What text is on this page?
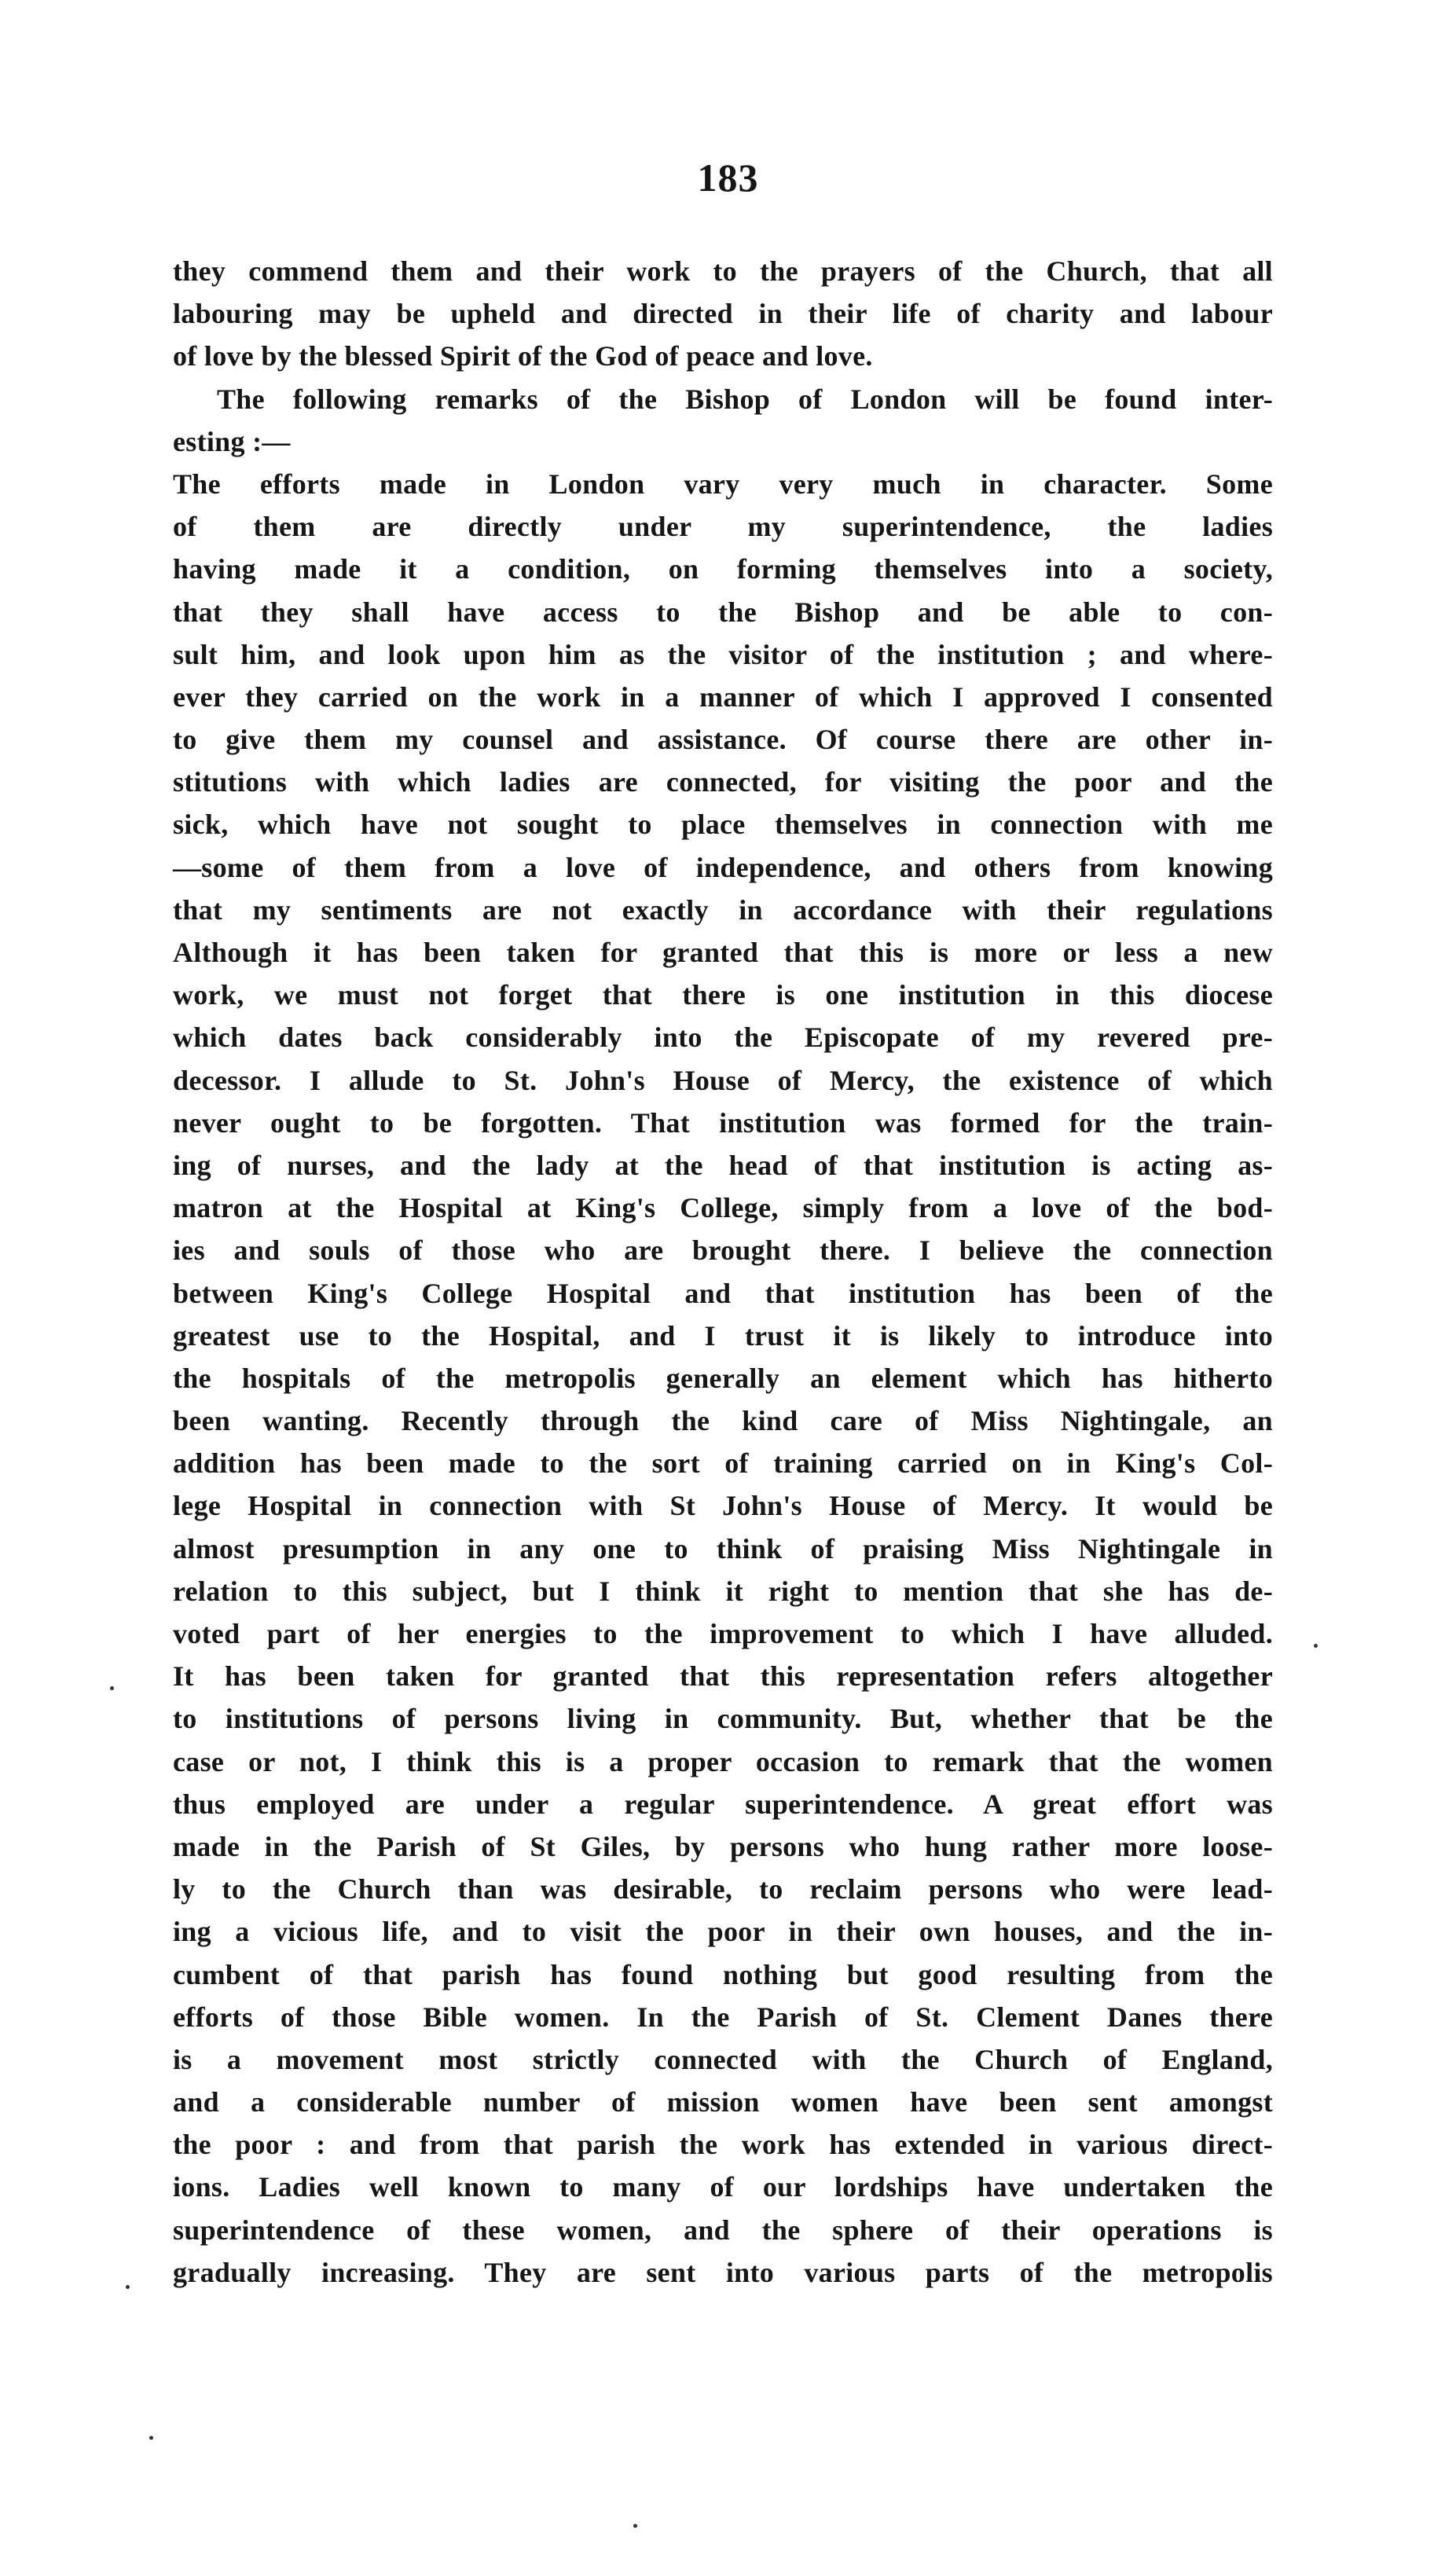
183
they commend them and their work to the prayers of the Church, that all
labouring may be upheld and directed in their life of charity and labour
of love by the blessed Spirit of the God of peace and love.
The following remarks of the Bishop of London will be found inter-
esting :—
The efforts made in London vary very much in character. Some
of them are directly under my superintendence, the ladies
having made it a condition, on forming themselves into a society,
that they shall have access to the Bishop and be able to con-
sult him, and look upon him as the visitor of the institution ; and where-
ever they carried on the work in a manner of which I approved I consented
to give them my counsel and assistance. Of course there are other in-
stitutions with which ladies are connected, for visiting the poor and the
sick, which have not sought to place themselves in connection with me
—some of them from a love of independence, and others from knowing
that my sentiments are not exactly in accordance with their regulations
Although it has been taken for granted that this is more or less a new
work, we must not forget that there is one institution in this diocese
which dates back considerably into the Episcopate of my revered pre-
decessor. I allude to St. John's House of Mercy, the existence of which
never ought to be forgotten. That institution was formed for the train-
ing of nurses, and the lady at the head of that institution is acting as-
matron at the Hospital at King's College, simply from a love of the bod-
ies and souls of those who are brought there. I believe the connection
between King's College Hospital and that institution has been of the
greatest use to the Hospital, and I trust it is likely to introduce into
the hospitals of the metropolis generally an element which has hitherto
been wanting. Recently through the kind care of Miss Nightingale, an
addition has been made to the sort of training carried on in King's Col-
lege Hospital in connection with St John's House of Mercy. It would be
almost presumption in any one to think of praising Miss Nightingale in
relation to this subject, but I think it right to mention that she has de-
voted part of her energies to the improvement to which I have alluded.
It has been taken for granted that this representation refers altogether
to institutions of persons living in community. But, whether that be the
case or not, I think this is a proper occasion to remark that the women
thus employed are under a regular superintendence. A great effort was
made in the Parish of St Giles, by persons who hung rather more loose-
ly to the Church than was desirable, to reclaim persons who were lead-
ing a vicious life, and to visit the poor in their own houses, and the in-
cumbent of that parish has found nothing but good resulting from the
efforts of those Bible women. In the Parish of St. Clement Danes there
is a movement most strictly connected with the Church of England,
and a considerable number of mission women have been sent amongst
the poor : and from that parish the work has extended in various direct-
ions. Ladies well known to many of our lordships have undertaken the
superintendence of these women, and the sphere of their operations is
gradually increasing. They are sent into various parts of the metropolis
